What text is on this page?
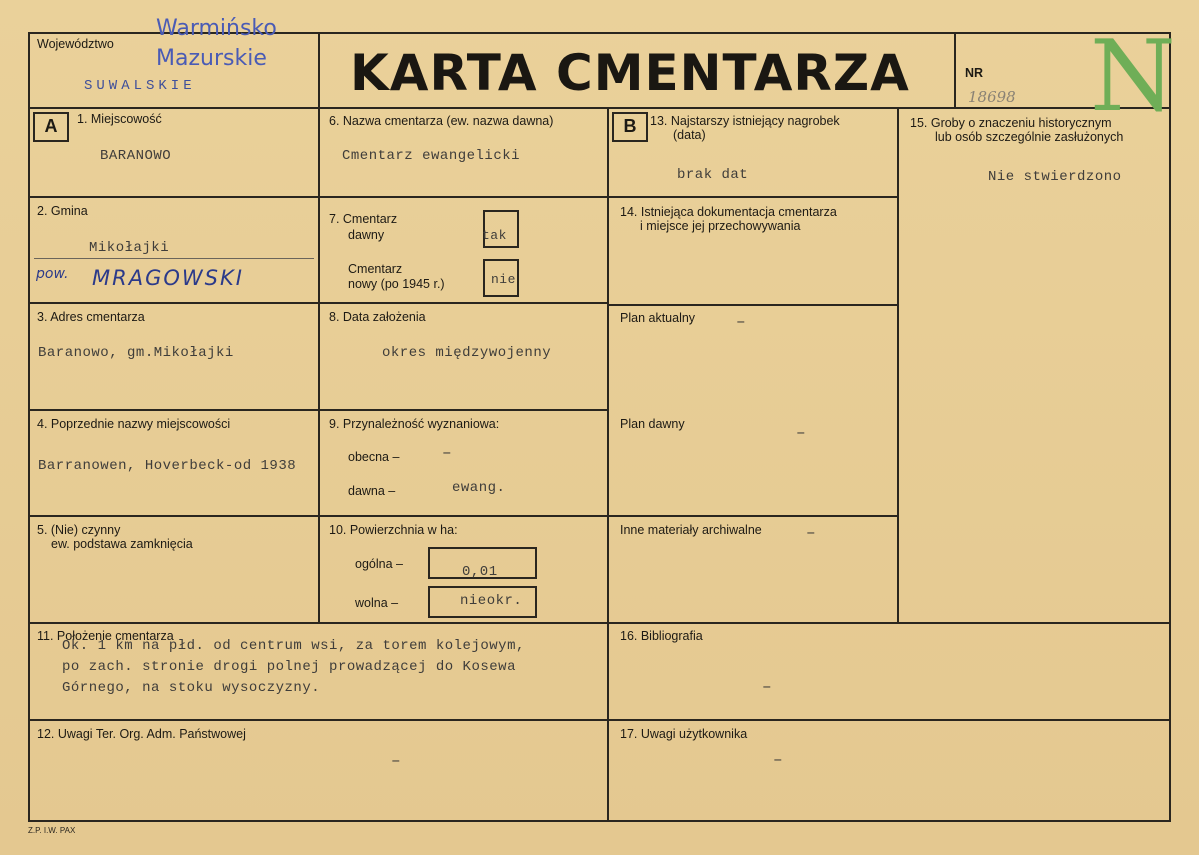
Województwo
Warmińsko
Mazurskie
SUWALSKIE	KARTA CMENTARZA	NR
18698 N
A	1. Miejscowość
BARANOWO
2. Gmina
Mikołajki
pow. MRAGOWSKI
3. Adres cmentarza
Baranowo, gm.Mikołajki
4. Poprzednie nazwy miejscowości
Barranowen, Hoverbeck-od 1938
5. (Nie) czynny
ew. podstawa zamknięcia
6. Nazwa cmentarza (ew. nazwa dawna)
Cmentarz ewangelicki
7. Cmentarz
dawny	tak
Cmentarz
nowy (po 1945 r.)	nie
8. Data założenia
okres międzywojenny
9. Przynależność wyznaniowa:
obecna –	–
dawna –	ewang.
10. Powierzchnia w ha:
ogólna –	0,01
wolna –	nieokr.
B	13. Najstarszy istniejący nagrobek
(data)
brak dat
14. Istniejąca dokumentacja cmentarza
i miejsce jej przechowywania
Plan aktualny	–
Plan dawny	–
Inne materiały archiwalne	–
15. Groby o znaczeniu historycznym
lub osób szczególnie zasłużonych
Nie stwierdzono
11. Położenie cmentarza
Ok. 1 km na płd. od centrum wsi, za torem kolejowym,
po zach. stronie drogi polnej prowadzącej do Kosewa
Górnego, na stoku wysoczyzny.
16. Bibliografia
–
12. Uwagi Ter. Org. Adm. Państwowej
–
17. Uwagi użytkownika
–
Z.P. I.W. PAX
